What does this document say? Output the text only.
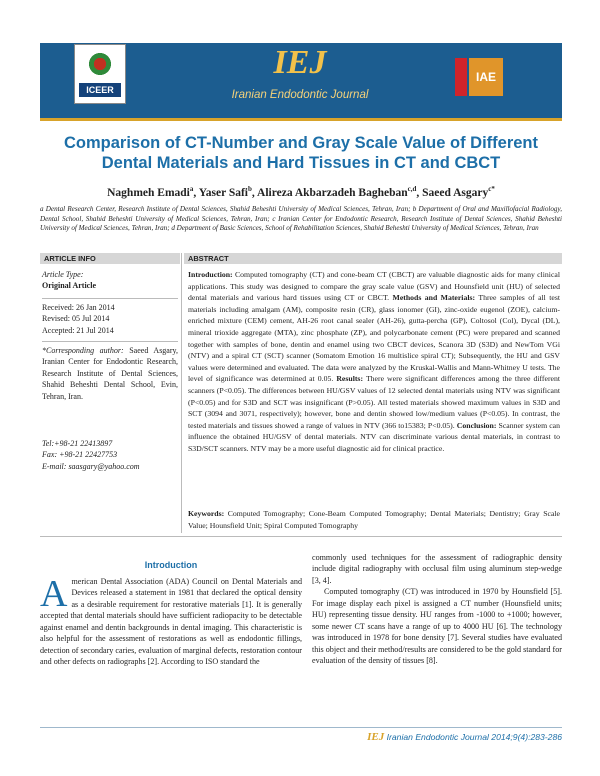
ICEER
IEJ
Iranian Endodontic Journal
IAE
Comparison of CT-Number and Gray Scale Value of Different
Dental Materials and Hard Tissues in CT and CBCT
Naghmeh Emadi$^a$, Yaser Safi$^b$, Alireza Akbarzadeh Bagheban$^{c,d}$, Saeed Asgary$^{c*}$
a Dental Research Center, Research Institute of Dental Sciences, Shahid Beheshti University of Medical Sciences, Tehran, Iran; b Department of Oral and Maxillofacial Radiology, Dental School, Shahid Beheshti University of Medical Sciences, Tehran, Iran; c Iranian Center for Endodontic Research, Research Institute of Dental Sciences, Shahid Beheshti University of Medical Sciences, Tehran, Iran; d Department of Basic Sciences, School of Rehabilitation Sciences, Shahid Beheshti University of Medical Sciences, Tehran, Iran
ARTICLE INFO	ABSTRACT
Article Type:
Original Article
Received: 26 Jan 2014
Revised: 05 Jul 2014
Accepted: 21 Jul 2014
*Corresponding author: Saeed Asgary, Iranian Center for Endodontic Research, Research Institute of Dental Sciences, Shahid Beheshti Dental School, Evin, Tehran, Iran.
Tel:+98-21 22413897
Fax: +98-21 22427753
E-mail: saasgary@yahoo.com

Introduction: Computed tomography (CT) and cone-beam CT (CBCT) are valuable diagnostic aids for many clinical applications. This study was designed to compare the gray scale value (GSV) and Hounsfield unit (HU) of selected dental materials and various hard tissues using CT or CBCT. Methods and Materials: Three samples of all test materials including amalgam (AM), composite resin (CR), glass ionomer (GI), zinc-oxide eugenol (ZOE), calcium-enriched mixture (CEM) cement, AH-26 root canal sealer (AH-26), gutta-percha (GP), Coltosol (Col), Dycal (DL), mineral trioxide aggregate (MTA), zinc phosphate (ZP), and polycarbonate cement (PC) were prepared and scanned together with samples of bone, dentin and enamel using two CBCT devices, Scanora 3D (S3D) and NewTom VGi (NTV) and a spiral CT (SCT) scanner (Somatom Emotion 16 multislice spiral CT); Subsequently, the HU and GSV values were determined and evaluated. The data were analyzed by the Kruskal-Wallis and Mann-Whitney U tests. The level of significance was determined at 0.05. Results: There were significant differences among the three different scanners (P<0.05). The differences between HU/GSV values of 12 selected dental materials using NTV was significant (P<0.05) and for S3D and SCT was insignificant (P>0.05). All tested materials showed maximum values in S3D and SCT (3094 and 3071, respectively); however, bone and dentin showed low/medium values (P<0.05). In contrast, the tested materials and tissues showed a range of values in NTV (366 to15383; P<0.05). Conclusion: Scanner system can influence the obtained HU/GSV of dental materials. NTV can discriminate various dental materials, in contrast to S3D/SCT scanners. NTV may be a more useful diagnostic aid for clinical practice.

Keywords: Computed Tomography; Cone-Beam Computed Tomography; Dental Materials; Dentistry; Gray Scale Value; Hounsfield Unit; Spiral Computed Tomography
Introduction

American Dental Association (ADA) Council on Dental Materials and Devices released a statement in 1981 that declared the optical density as a desirable requirement for restorative materials [1]. It is generally accepted that dental materials should have sufficient radiopacity to be detectable against enamel and dentin backgrounds in dental imaging. This characteristic is also helpful for the assessment of restorations as well as endodontic fillings, detection of secondary caries, evaluation of marginal defects, restoration contour and other defects on radiographs [2]. According to ISO standard the

commonly used techniques for the assessment of radiographic density include digital radiography with occlusal film using aluminum step-wedge [3, 4].
Computed tomography (CT) was introduced in 1970 by Hounsfield [5]. For image display each pixel is assigned a CT number (Hounsfield units; HU) representing tissue density. HU ranges from -1000 to +1000; however, some newer CT scans have a range of up to 4000 HU [6]. The technology was introduced in 1978 for bone density [7]. Several studies have evaluated this object and their method/results are considered to be the gold standard for evaluation of the density of tissues [8].
IEJ Iranian Endodontic Journal 2014;9(4):283-286
